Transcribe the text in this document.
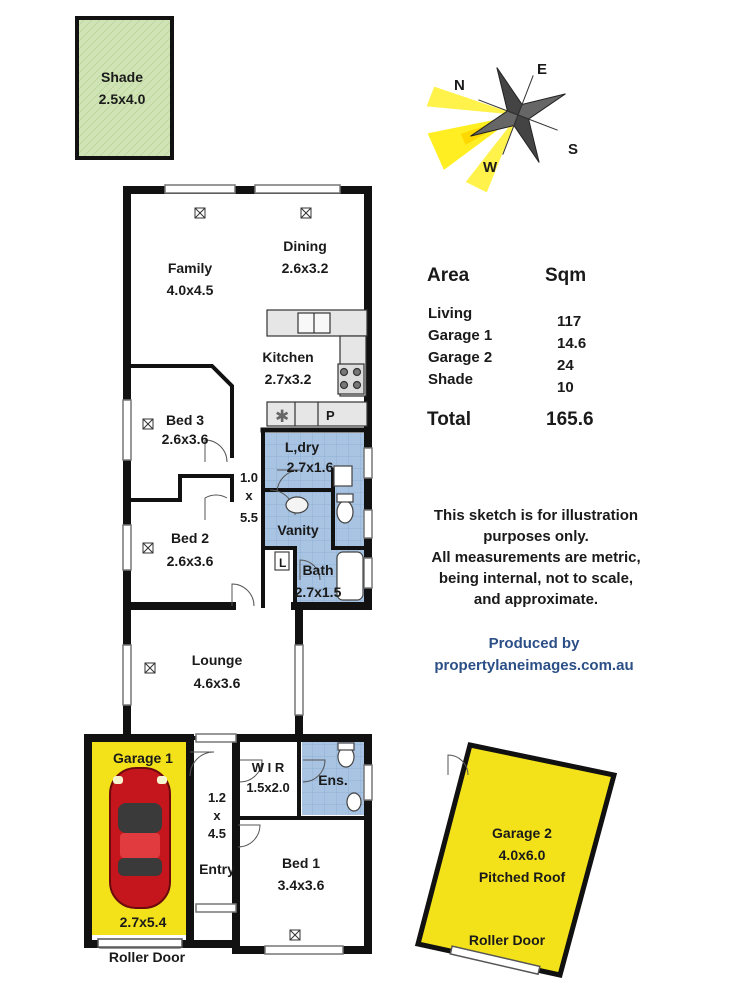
Shade
2.5x4.0
N
E
S
W
✱	P
L
Family
4.0x4.5
Dining
2.6x3.2
Kitchen
2.7x3.2
Bed 3
2.6x3.6
Bed 2
2.6x3.6
1.0
x
5.5
L,dry
2.7x1.6
Vanity
Bath
2.7x1.5
Lounge
4.6x3.6
Garage 1
2.7x5.4
Roller Door
1.2
x
4.5
Entry
W I R
1.5x2.0 Ens.
Bed 1
3.4x3.6
Garage 2
4.0x6.0
Pitched Roof
Roller Door
Area	Sqm
Living	117
Garage 1	14.6
Garage 2	24
Shade	10
Total	165.6
This sketch is for illustration
purposes only.
All measurements are metric,
being internal, not to scale,
and approximate.
Produced by
propertylaneimages.com.au
